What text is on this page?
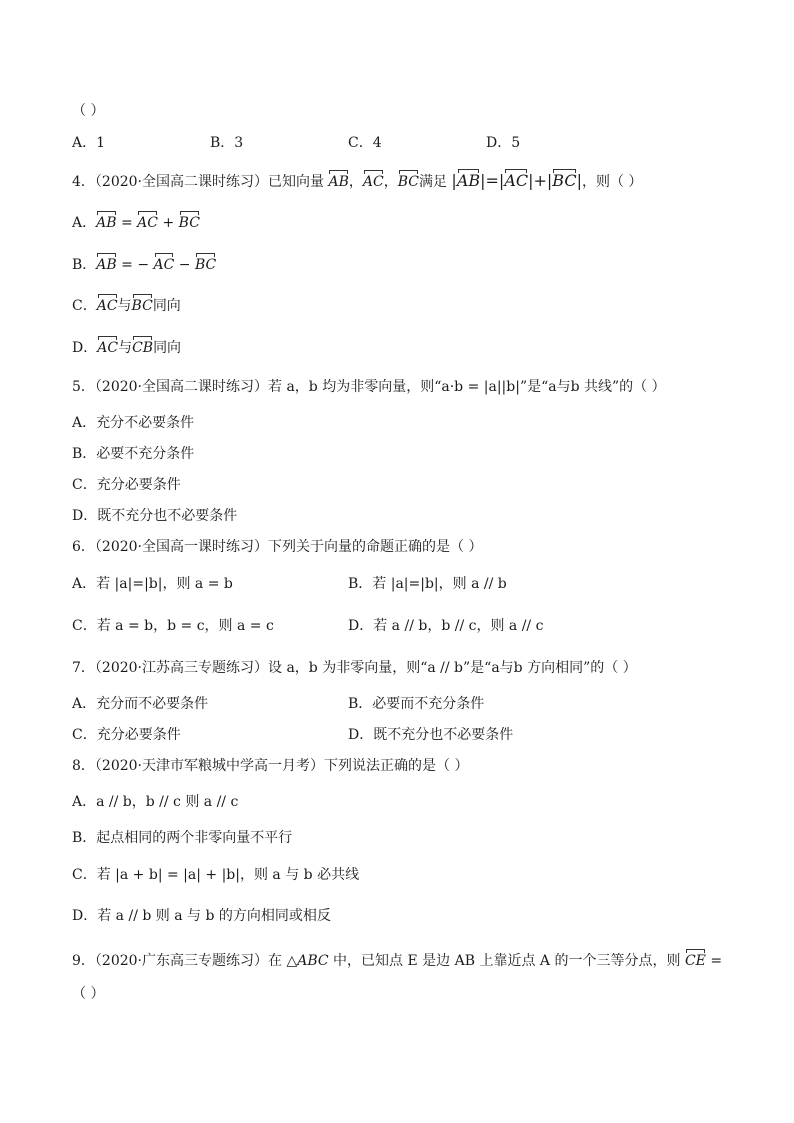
（ ）
A．1	B．3	C．4	D．5
4．（2020·全国高二课时练习）已知向量 AB，AC，BC满足 |AB|=|AC|+|BC|，则（ ）
A．AB = AC + BC
B．AB = − AC − BC
C．AC与BC同向
D．AC与CB同向
5．（2020·全国高二课时练习）若 a，b 均为非零向量，则“a·b = |a||b|”是“a与b 共线”的（ ）
A．充分不必要条件
B．必要不充分条件
C．充分必要条件
D．既不充分也不必要条件
6．（2020·全国高一课时练习）下列关于向量的命题正确的是（ ）
A．若 |a|=|b|，则 a = b	B．若 |a|=|b|，则 a // b
C．若 a = b，b = c，则 a = c	D．若 a // b，b // c，则 a // c
7．（2020·江苏高三专题练习）设 a，b 为非零向量，则“a // b”是“a与b 方向相同”的（ ）
A．充分而不必要条件	B．必要而不充分条件
C．充分必要条件	D．既不充分也不必要条件
8．（2020·天津市军粮城中学高一月考）下列说法正确的是（ ）
A．a // b，b // c 则 a // c
B．起点相同的两个非零向量不平行
C．若 |a + b| = |a| + |b|，则 a 与 b 必共线
D．若 a // b 则 a 与 b 的方向相同或相反
9．（2020·广东高三专题练习）在 △ABC 中，已知点 E 是边 AB 上靠近点 A 的一个三等分点，则 CE =
（ ）
